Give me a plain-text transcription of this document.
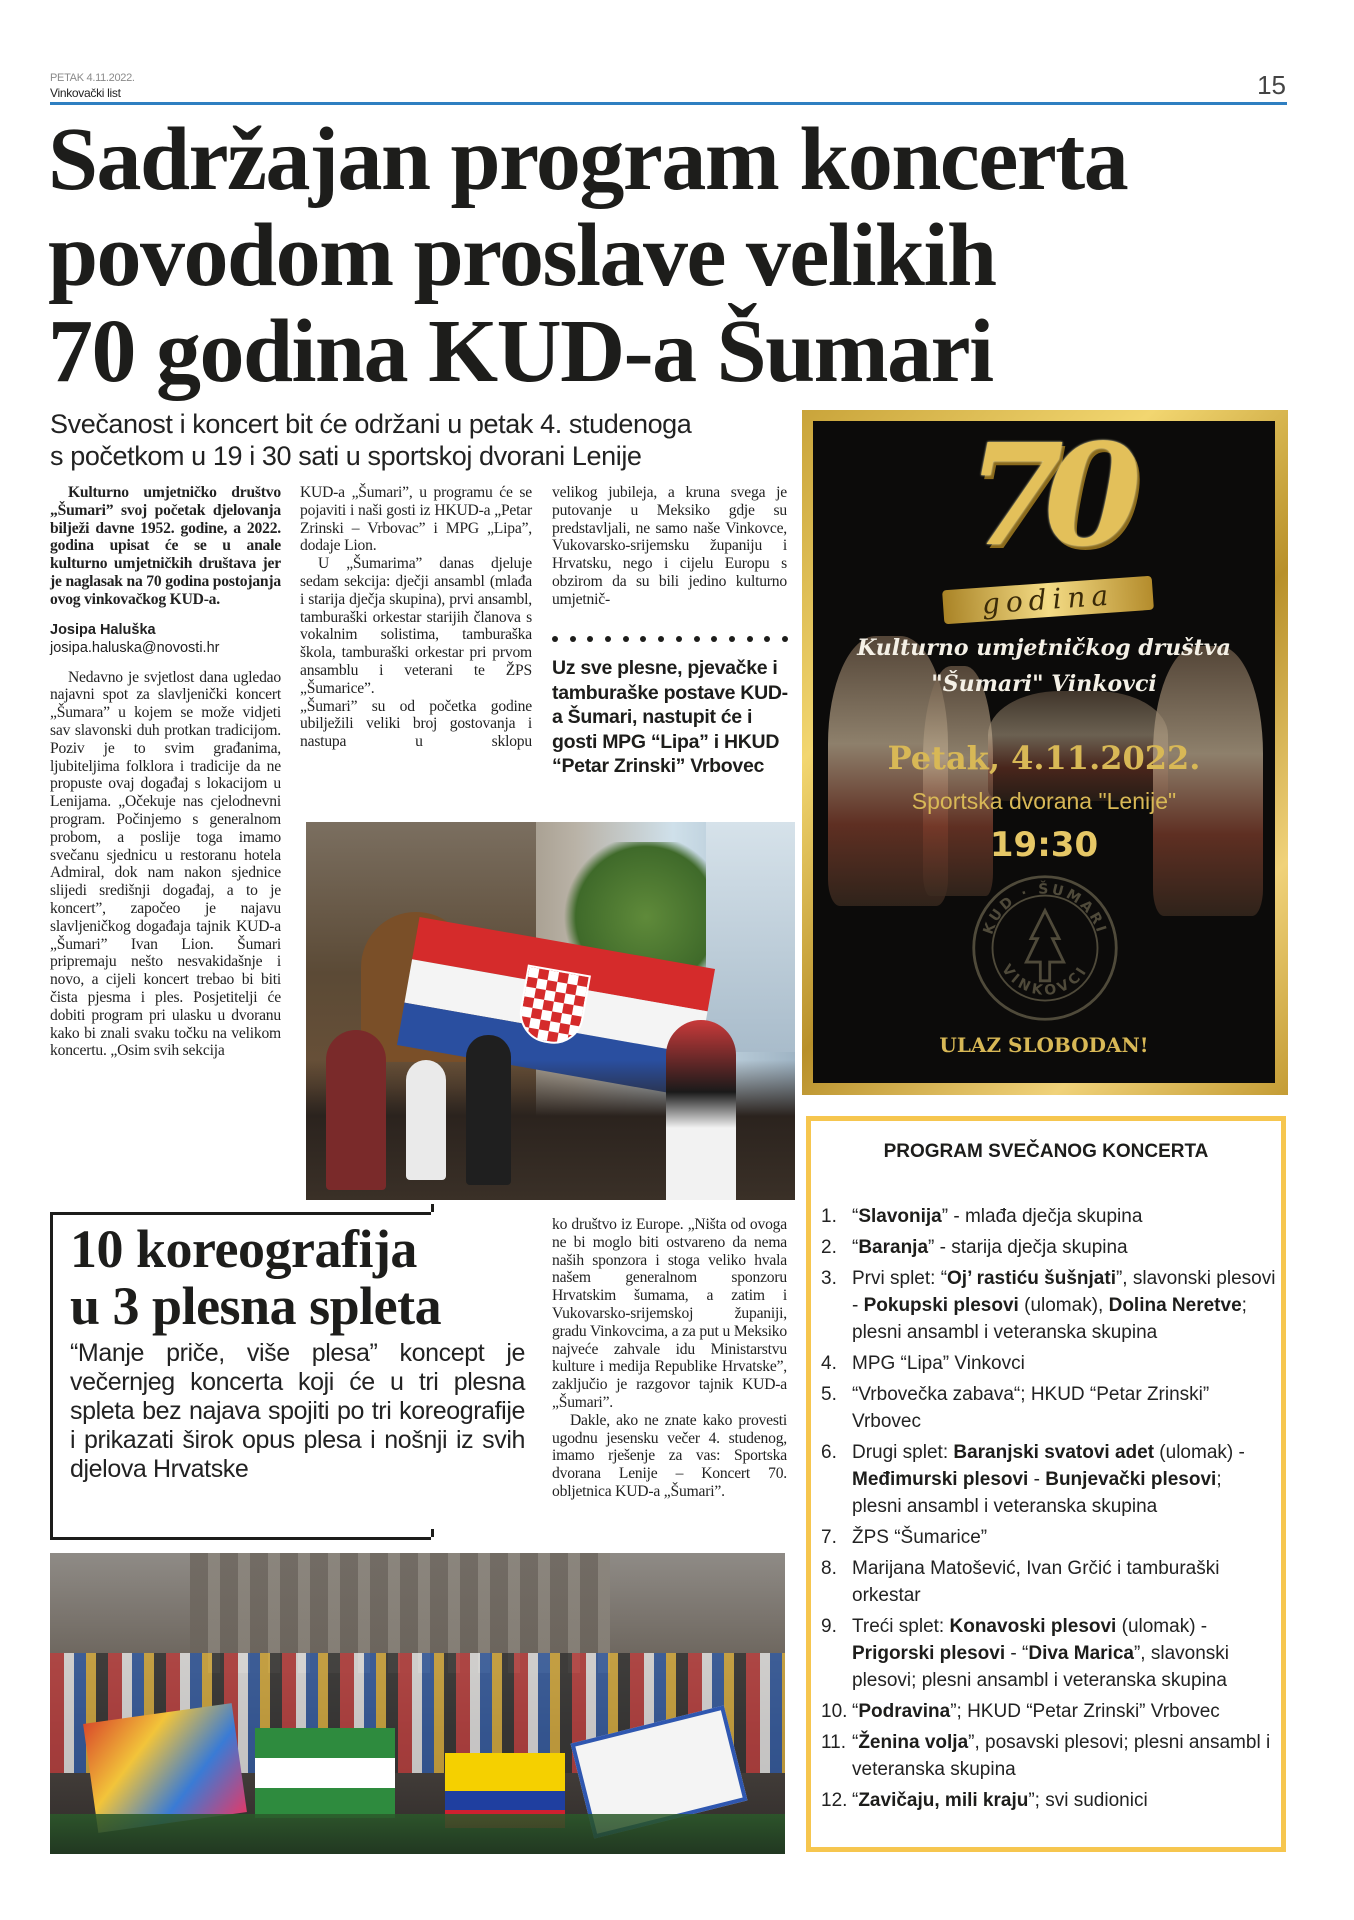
PETAK 4.11.2022.
Vinkovački list	15
Sadržajan program koncerta
povodom proslave velikih
70 godina KUD-a Šumari
Svečanost i koncert bit će održani u petak 4. studenoga
s početkom u 19 i 30 sati u sportskoj dvorani Lenije

Kulturno umjetničko društvo „Šumari” svoj početak djelovanja bilježi davne 1952. godine, a 2022. godina upisat će se u anale kulturno umjetničkih društava jer je naglasak na 70 godina postojanja ovog vinkovačkog KUD-a.

Josipa Haluška
josipa.haluska@novosti.hr

Nedavno je svjetlost dana ugledao najavni spot za slavljenički koncert „Šumara” u kojem se može vidjeti sav slavonski duh protkan tradicijom. Poziv je to svim građanima, ljubiteljima folklora i tradicije da ne propuste ovaj događaj s lokacijom u Lenijama. „Očekuje nas cjelodnevni program. Počinjemo s generalnom probom, a poslije toga imamo svečanu sjednicu u restoranu hotela Admiral, dok nam nakon sjednice slijedi središnji događaj, a to je koncert”, započeo je najavu slavljeničkog događaja tajnik KUD-a „Šumari” Ivan Lion. Šumari pripremaju nešto nesvakidašnje i novo, a cijeli koncert trebao bi biti čista pjesma i ples. Posjetitelji će dobiti program pri ulasku u dvoranu kako bi znali svaku točku na velikom koncertu. „Osim svih sekcija

KUD-a „Šumari”, u programu će se pojaviti i naši gosti iz HKUD-a „Petar Zrinski – Vrbovac” i MPG „Lipa”, dodaje Lion.

U „Šumarima” danas djeluje sedam sekcija: dječji ansambl (mlađa i starija dječja skupina), prvi ansambl, tamburaški orkestar starijih članova s vokalnim solistima, tamburaška škola, tamburaški orkestar pri prvom ansamblu i veterani te ŽPS „Šumarice”.

„Šumari” su od početka godine ubilježili veliki broj gostovanja i nastupa u sklopu

velikog jubileja, a kruna svega je putovanje u Meksiko gdje su predstavljali, ne samo naše Vinkovce, Vukovarsko-srijemsku županiju i Hrvatsku, nego i cijelu Europu s obzirom da su bili jedino kulturno umjetnič-

Uz sve plesne, pjevačke i tamburaške postave KUD-a Šumari, nastupit će i gosti MPG “Lipa” i HKUD “Petar Zrinski” Vrbovec
10 koreografija
u 3 plesna spleta
“Manje priče, više plesa” koncept je večernjeg koncerta koji će u tri plesna spleta bez najava spojiti po tri koreografije i prikazati širok opus plesa i nošnji iz svih djelova Hrvatske

ko društvo iz Europe. „Ništa od ovoga ne bi moglo biti ostvareno da nema naših sponzora i stoga veliko hvala našem generalnom sponzoru Hrvatskim šumama, a zatim i Vukovarsko-srijemskoj županiji, gradu Vinkovcima, a za put u Meksiko najveće zahvale idu Ministarstvu kulture i medija Republike Hrvatske”, zaključio je razgovor tajnik KUD-a „Šumari”.

Dakle, ako ne znate kako provesti ugodnu jesensku večer 4. studenog, imamo rješenje za vas: Sportska dvorana Lenije – Koncert 70. obljetnica KUD-a „Šumari”.

70
godina
Kulturno umjetničkog društva
"Šumari" Vinkovci
Petak, 4.11.2022.
Sportska dvorana "Lenije"
19:30
KUD · ŠUMARI
VINKOVCI
ULAZ SLOBODAN!
PROGRAM SVEČANOG KONCERTA
1. “Slavonija” - mlađa dječja skupina
2. “Baranja” - starija dječja skupina
3. Prvi splet: “Oj’ rastiću šušnjati”, slavonski plesovi - Pokupski plesovi (ulomak), Dolina Neretve; plesni ansambl i veteranska skupina
4. MPG “Lipa” Vinkovci
5. “Vrbovečka zabava“; HKUD “Petar Zrinski” Vrbovec
6. Drugi splet: Baranjski svatovi adet (ulomak) - Međimurski plesovi - Bunjevački plesovi; plesni ansambl i veteranska skupina
7. ŽPS “Šumarice”
8. Marijana Matošević, Ivan Grčić i tamburaški orkestar
9. Treći splet: Konavoski plesovi (ulomak) - Prigorski plesovi - “Diva Marica”, slavonski plesovi; plesni ansambl i veteranska skupina
10. “Podravina”; HKUD “Petar Zrinski” Vrbovec
11. “Ženina volja”, posavski plesovi; plesni ansambl i veteranska skupina
12. “Zavičaju, mili kraju”; svi sudionici
